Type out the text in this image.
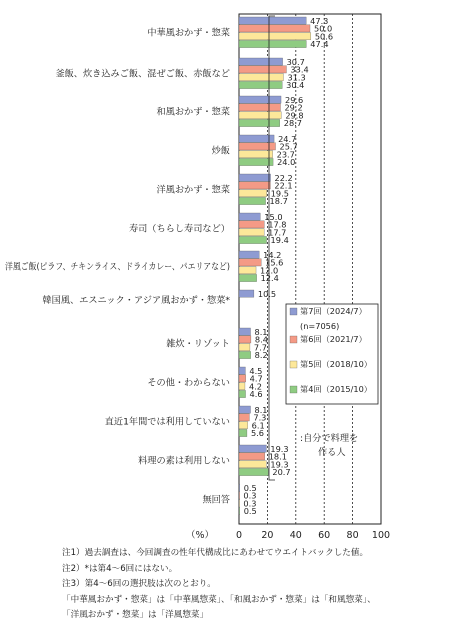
47.3
50.0
50.6
47.4
30.7
33.4
31.3
30.4
29.6
29.2
29.8
28.7
24.7
25.7
23.7
24.0
22.2
22.1
19.5
18.7
15.0
17.8
17.7
19.4
14.2
15.6
12.0
12.4
10.5
8.1
8.4
7.7
8.2
4.5
4.7
4.2
4.6
8.1
7.3
6.1
5.6
19.3
18.1
19.3
20.7
0.5
0.3
0.3
0.5
中華風おかず・惣菜
釜飯、炊き込みご飯、混ぜご飯、赤飯など
和風おかず・惣菜
炒飯
洋風おかず・惣菜
寿司（ちらし寿司など）
洋風ご飯(ピラフ、チキンライス、ドライカレー、パエリアなど)
韓国風、エスニック・アジア風おかず・惣菜*
雑炊・リゾット
その他・わからない
直近1年間では利用していない
料理の素は利用しない
無回答
0 20 40 60 80 100
（%）
第7回（2024/7）
第6回（2021/7）
第5回（2018/10）
第4回（2015/10）
(n=7056)
:自分で料理を
作る人
注1）過去調査は、今回調査の性年代構成比にあわせてウエイトバックした値。
注2）*は第4～6回にはない。
注3）第4～6回の選択肢は次のとおり。
「中華風おかず・惣菜」は「中華風惣菜」、「和風おかず・惣菜」は「和風惣菜」、
「洋風おかず・惣菜」は「洋風惣菜」
